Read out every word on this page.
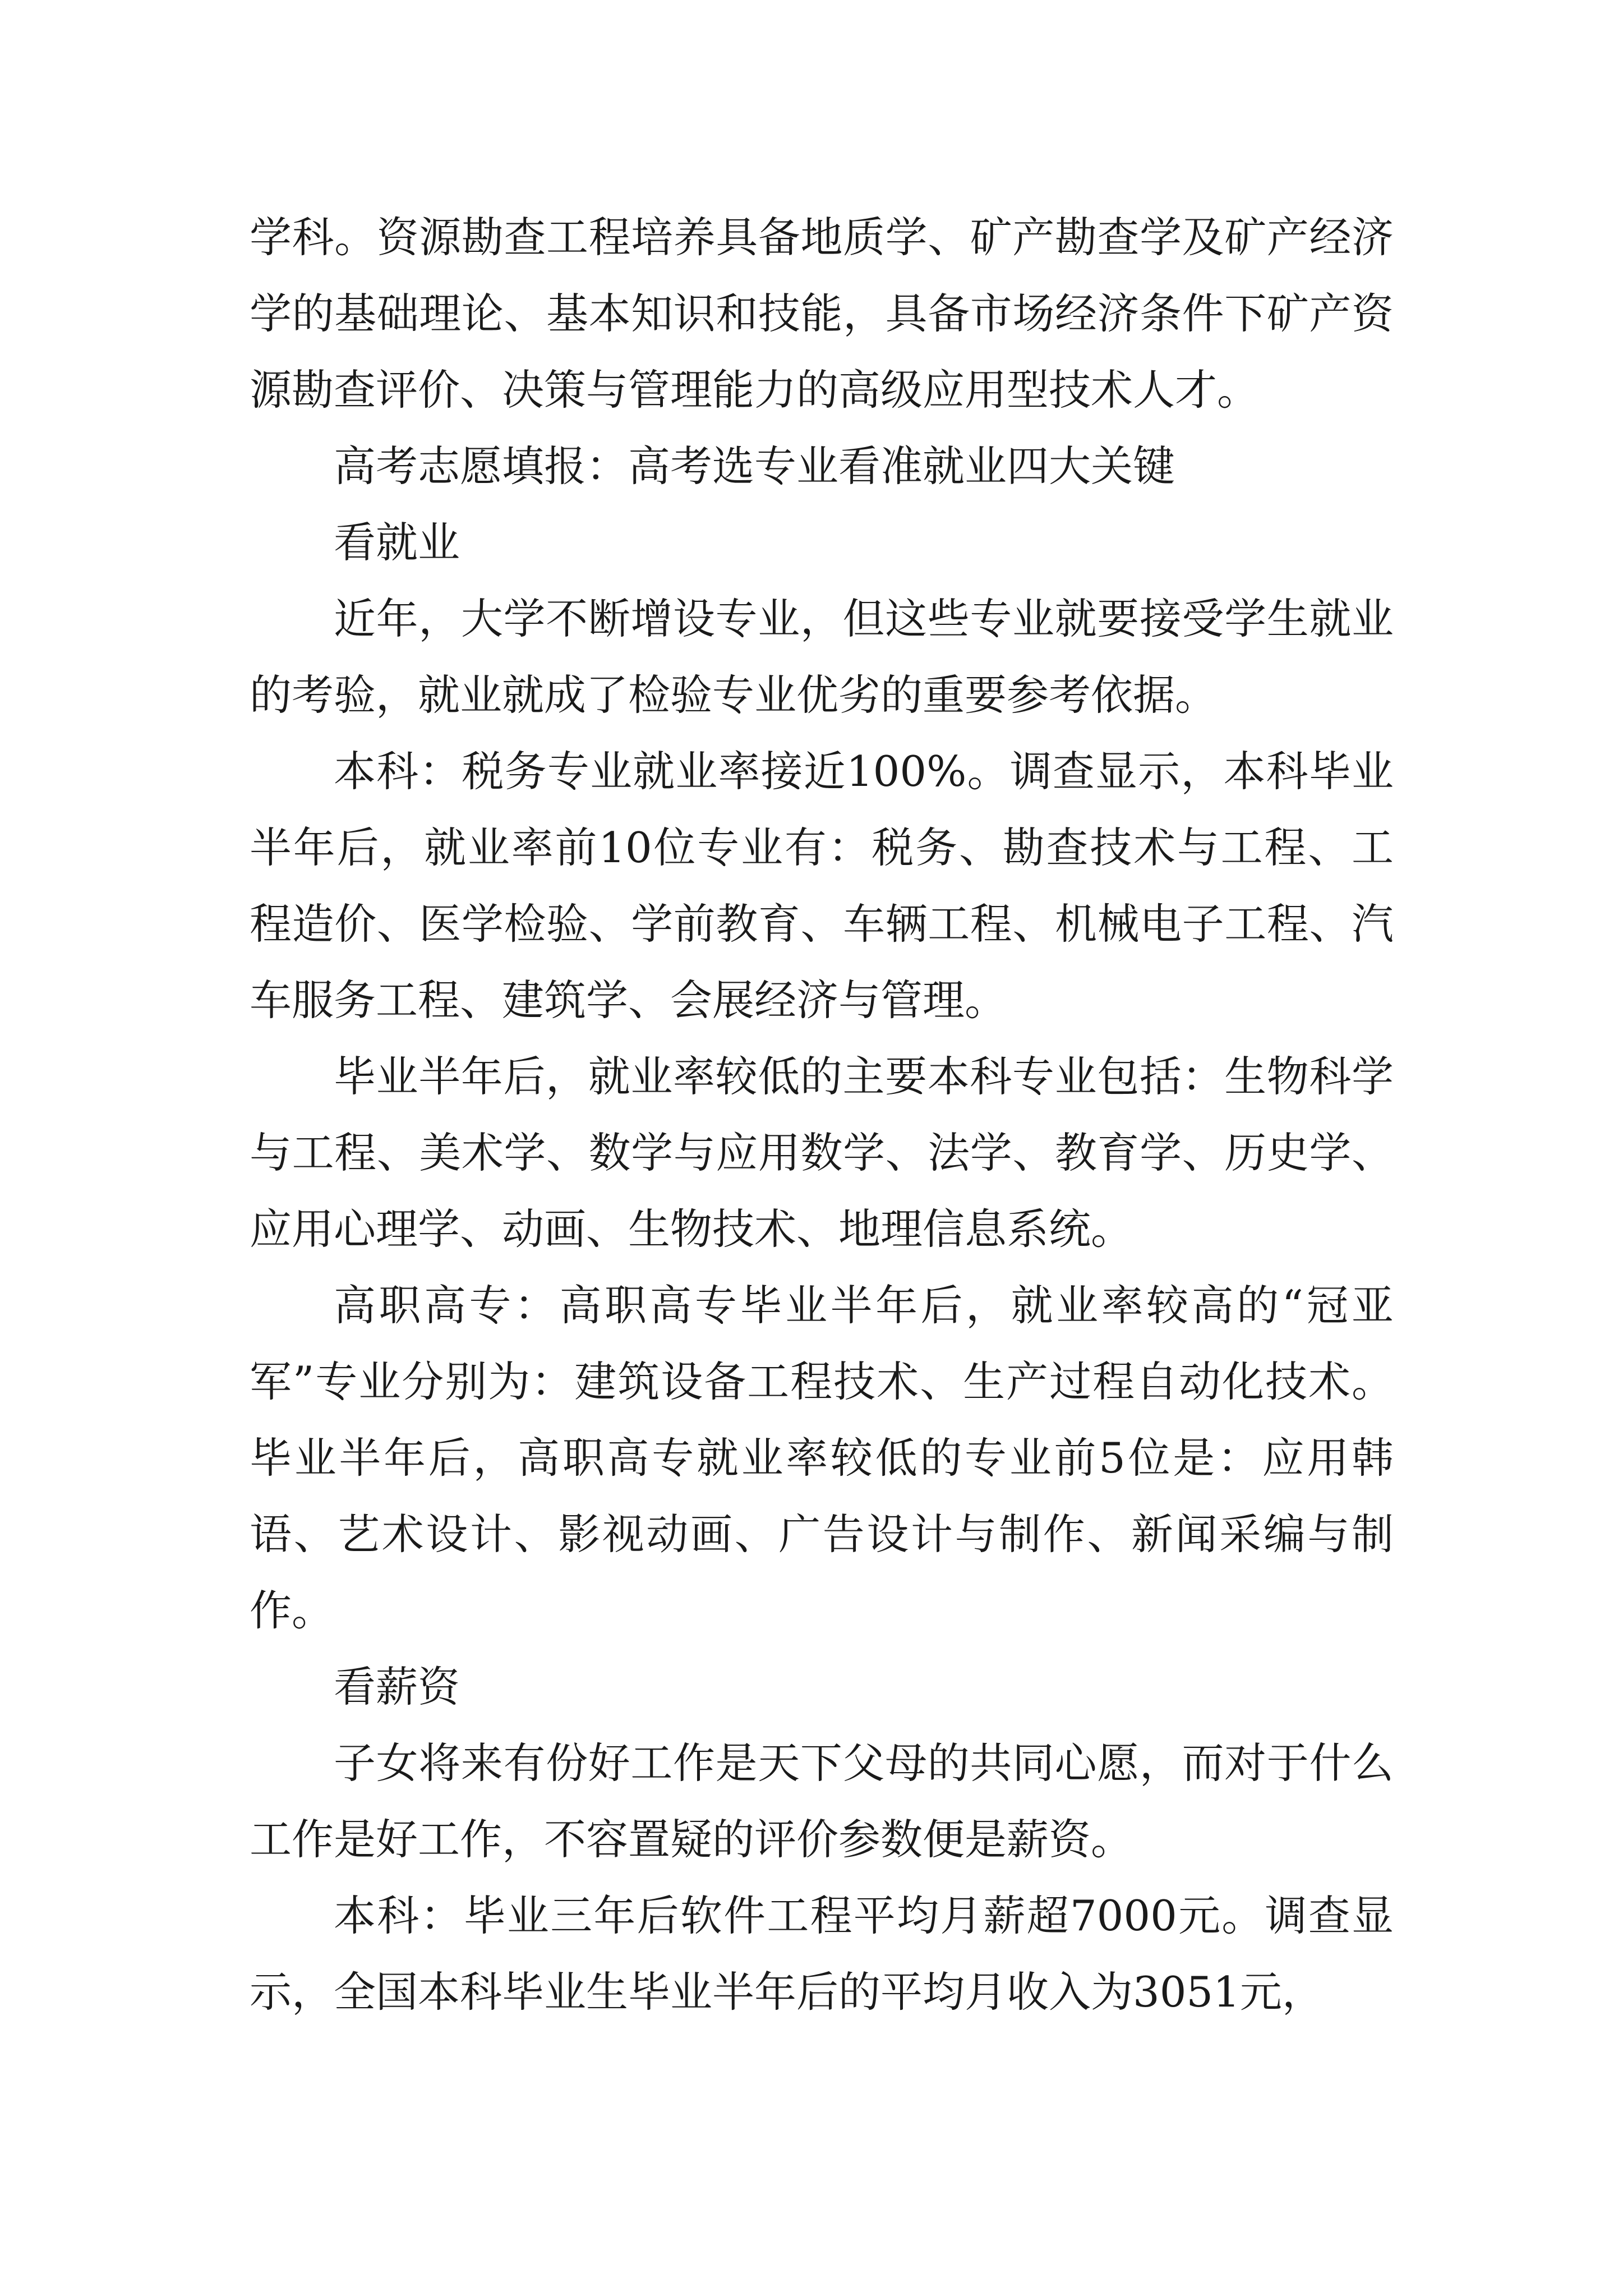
学科。资源勘查工程培养具备地质学、矿产勘查学及矿产经济学的基础理论、基本知识和技能，具备市场经济条件下矿产资源勘查评价、决策与管理能力的高级应用型技术人才。

高考志愿填报：高考选专业看准就业四大关键

看就业

近年，大学不断增设专业，但这些专业就要接受学生就业的考验，就业就成了检验专业优劣的重要参考依据。

本科：税务专业就业率接近100%。调查显示，本科毕业半年后，就业率前10位专业有：税务、勘查技术与工程、工程造价、医学检验、学前教育、车辆工程、机械电子工程、汽车服务工程、建筑学、会展经济与管理。

毕业半年后，就业率较低的主要本科专业包括：生物科学与工程、美术学、数学与应用数学、法学、教育学、历史学、应用心理学、动画、生物技术、地理信息系统。

高职高专：高职高专毕业半年后，就业率较高的“冠亚军”专业分别为：建筑设备工程技术、生产过程自动化技术。毕业半年后，高职高专就业率较低的专业前5位是：应用韩语、艺术设计、影视动画、广告设计与制作、新闻采编与制作。

看薪资

子女将来有份好工作是天下父母的共同心愿，而对于什么工作是好工作，不容置疑的评价参数便是薪资。

本科：毕业三年后软件工程平均月薪超7000元。调查显示，全国本科毕业生毕业半年后的平均月收入为3051元，
